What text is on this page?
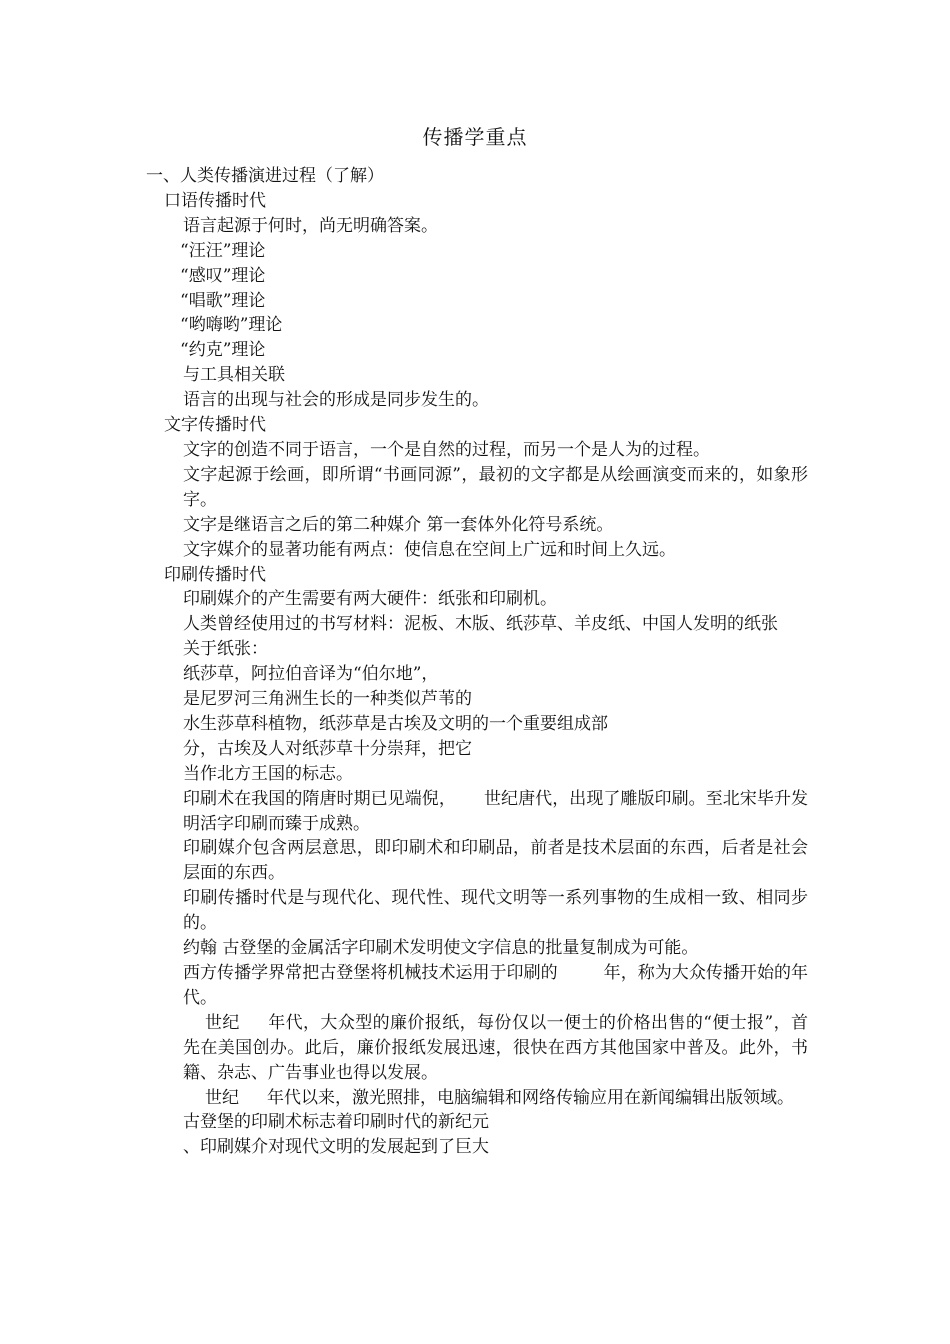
传播学重点
一、人类传播演进过程（了解）
口语传播时代
语言起源于何时，尚无明确答案。
“汪汪”理论
“感叹”理论
“唱歌”理论
“哟嗨哟”理论
“约克”理论
与工具相关联
语言的出现与社会的形成是同步发生的。
文字传播时代
文字的创造不同于语言，一个是自然的过程，而另一个是人为的过程。
文字起源于绘画，即所谓“书画同源”，最初的文字都是从绘画演变而来的，如象形字。
文字是继语言之后的第二种媒介 第一套体外化符号系统。
文字媒介的显著功能有两点：使信息在空间上广远和时间上久远。
印刷传播时代
印刷媒介的产生需要有两大硬件：纸张和印刷机。
人类曾经使用过的书写材料：泥板、木版、纸莎草、羊皮纸、中国人发明的纸张
关于纸张：
纸莎草，阿拉伯音译为“伯尔地”，
是尼罗河三角洲生长的一种类似芦苇的
水生莎草科植物，纸莎草是古埃及文明的一个重要组成部
分，古埃及人对纸莎草十分崇拜，把它
当作北方王国的标志。
印刷术在我国的隋唐时期已见端倪， 世纪唐代，出现了雕版印刷。至北宋毕升发明活字印刷而臻于成熟。
印刷媒介包含两层意思，即印刷术和印刷品，前者是技术层面的东西，后者是社会层面的东西。
印刷传播时代是与现代化、现代性、现代文明等一系列事物的生成相一致、相同步的。
约翰 古登堡的金属活字印刷术发明使文字信息的批量复制成为可能。
西方传播学界常把古登堡将机械技术运用于印刷的	年，称为大众传播开始的年代。
世纪 年代，大众型的廉价报纸，每份仅以一便士的价格出售的“便士报”，首先在美国创办。此后，廉价报纸发展迅速，很快在西方其他国家中普及。此外，书籍、杂志、广告事业也得以发展。
世纪 年代以来，激光照排，电脑编辑和网络传输应用在新闻编辑出版领域。
古登堡的印刷术标志着印刷时代的新纪元
、印刷媒介对现代文明的发展起到了巨大
